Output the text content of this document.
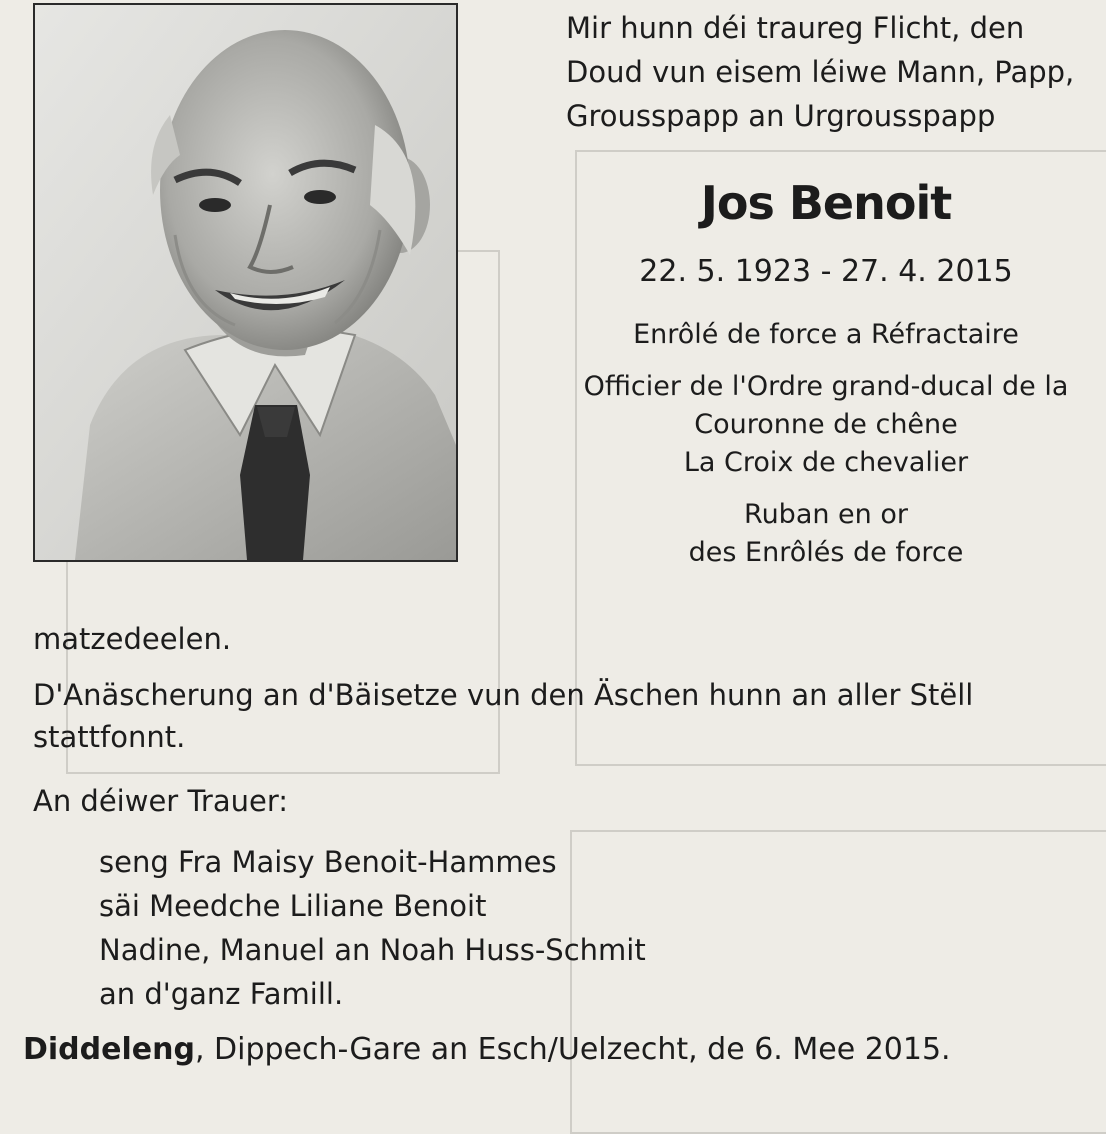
Mir hunn déi traureg Flicht, den
Doud vun eisem léiwe Mann, Papp,
Grousspapp an Urgrousspapp
Jos Benoit
22. 5. 1923 - 27. 4. 2015
Enrôlé de force a Réfractaire
Officier de l'Ordre grand-ducal de la
Couronne de chêne
La Croix de chevalier
Ruban en or
des Enrôlés de force
matzedeelen.
D'Anäscherung an d'Bäisetze vun den Äschen hunn an aller Stëll stattfonnt.
An déiwer Trauer:
seng Fra Maisy Benoit-Hammes
säi Meedche Liliane Benoit
Nadine, Manuel an Noah Huss-Schmit
an d'ganz Famill.
Diddeleng, Dippech-Gare an Esch/Uelzecht, de 6. Mee 2015.
